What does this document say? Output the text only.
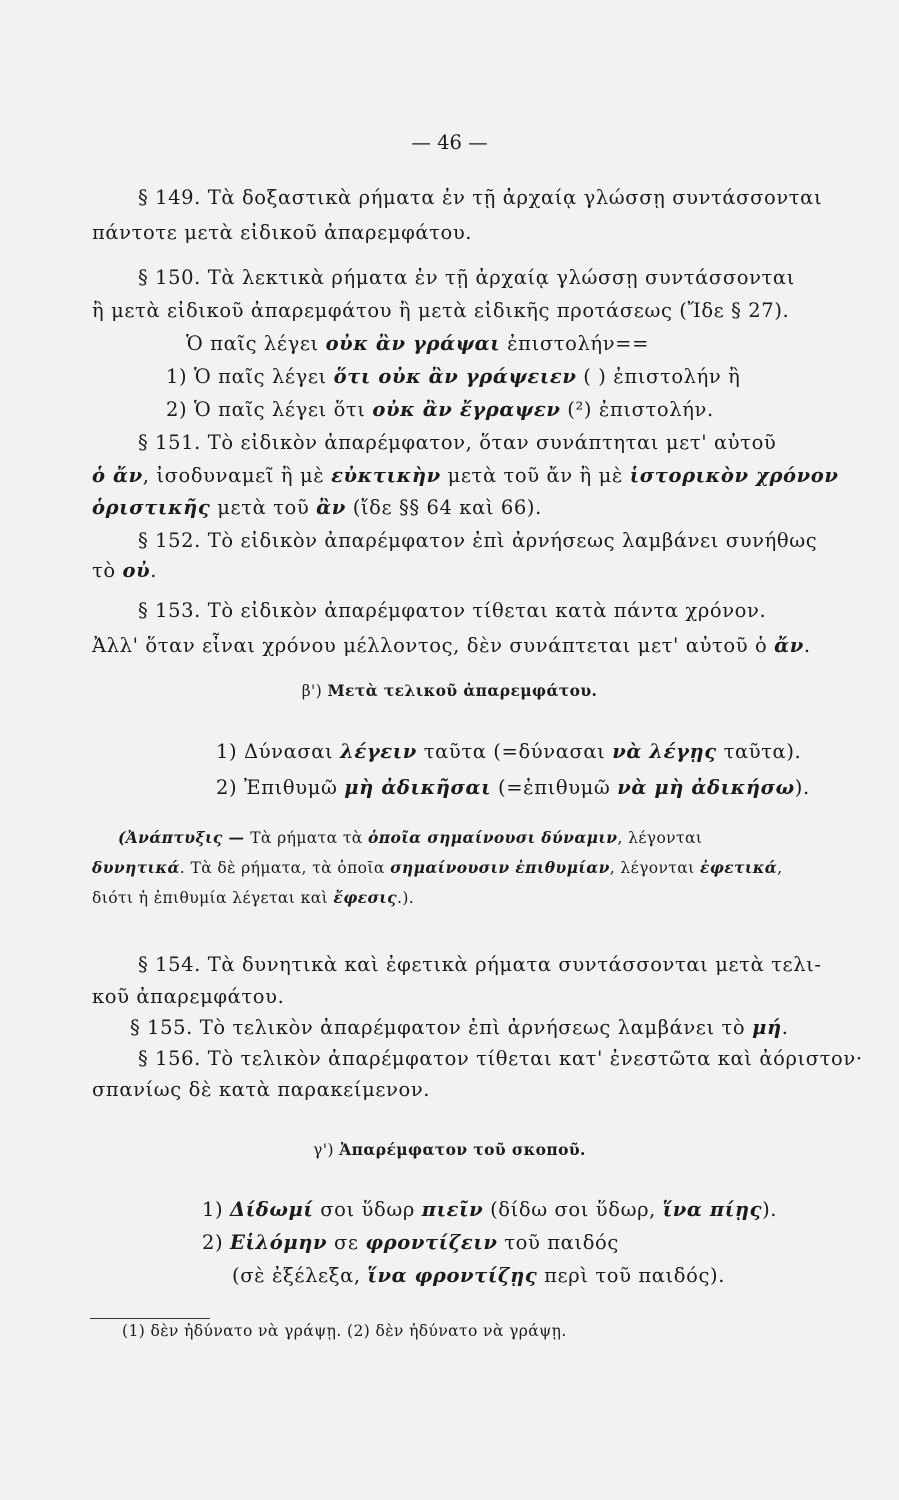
— 46 —
§ 149. Τὰ δοξαστικὰ ρήματα ἐν τῇ ἀρχαίᾳ γλώσσῃ συντάσσονται
πάντοτε μετὰ εἰδικοῦ ἀπαρεμφάτου.
§ 150. Τὰ λεκτικὰ ρήματα ἐν τῇ ἀρχαίᾳ γλώσσῃ συντάσσονται
ἢ μετὰ εἰδικοῦ ἀπαρεμφάτου ἢ μετὰ εἰδικῆς προτάσεως (Ἴδε § 27).
Ὁ παῖς λέγει οὐκ ἂν γράψαι ἐπιστολήν==
1) Ὁ παῖς λέγει ὅτι οὐκ ἂν γράψειεν ( ) ἐπιστολήν ἢ
2) Ὁ παῖς λέγει ὅτι οὐκ ἂν ἔγραψεν (²) ἐπιστολήν.
§ 151. Τὸ εἰδικὸν ἀπαρέμφατον, ὅταν συνάπτηται μετ' αὐτοῦ
ὁ ἄν, ἰσοδυναμεῖ ἢ μὲ εὐκτικὴν μετὰ τοῦ ἄν ἢ μὲ ἱστορικὸν χρόνον
ὁριστικῆς μετὰ τοῦ ἂν (ἴδε §§ 64 καὶ 66).
§ 152. Τὸ εἰδικὸν ἀπαρέμφατον ἐπὶ ἀρνήσεως λαμβάνει συνήθως
τὸ οὐ.
§ 153. Τὸ εἰδικὸν ἀπαρέμφατον τίθεται κατὰ πάντα χρόνον.
Ἀλλ' ὅταν εἶναι χρόνου μέλλοντος, δὲν συνάπτεται μετ' αὐτοῦ ὁ ἄν.
β') Μετὰ τελικοῦ ἀπαρεμφάτου.
1) Δύνασαι λέγειν ταῦτα (=δύνασαι νὰ λέγῃς ταῦτα).
2) Ἐπιθυμῶ μὴ ἀδικῆσαι (=ἐπιθυμῶ νὰ μὴ ἀδικήσω).
(Ἀνάπτυξις — Τὰ ρήματα τὰ ὁποῖα σημαίνουσι δύναμιν, λέγονται
δυνητικά. Τὰ δὲ ρήματα, τὰ ὁποῖα σημαίνουσιν ἐπιθυμίαν, λέγονται ἐφετικά,
διότι ἡ ἐπιθυμία λέγεται καὶ ἔφεσις.).
§ 154. Τὰ δυνητικὰ καὶ ἐφετικὰ ρήματα συντάσσονται μετὰ τελι-
κοῦ ἀπαρεμφάτου.
§ 155. Τὸ τελικὸν ἀπαρέμφατον ἐπὶ ἀρνήσεως λαμβάνει τὸ μή.
§ 156. Τὸ τελικὸν ἀπαρέμφατον τίθεται κατ' ἐνεστῶτα καὶ ἀόριστον·
σπανίως δὲ κατὰ παρακείμενον.
γ') Ἀπαρέμφατον τοῦ σκοποῦ.
1) Δίδωμί σοι ὕδωρ πιεῖν (δίδω σοι ὕδωρ, ἵνα πίῃς).
2) Εἱλόμην σε φροντίζειν τοῦ παιδός
(σὲ ἐξέλεξα, ἵνα φροντίζῃς περὶ τοῦ παιδός).
(1) δὲν ἠδύνατο νὰ γράψῃ. (2) δὲν ἠδύνατο νὰ γράψῃ.
